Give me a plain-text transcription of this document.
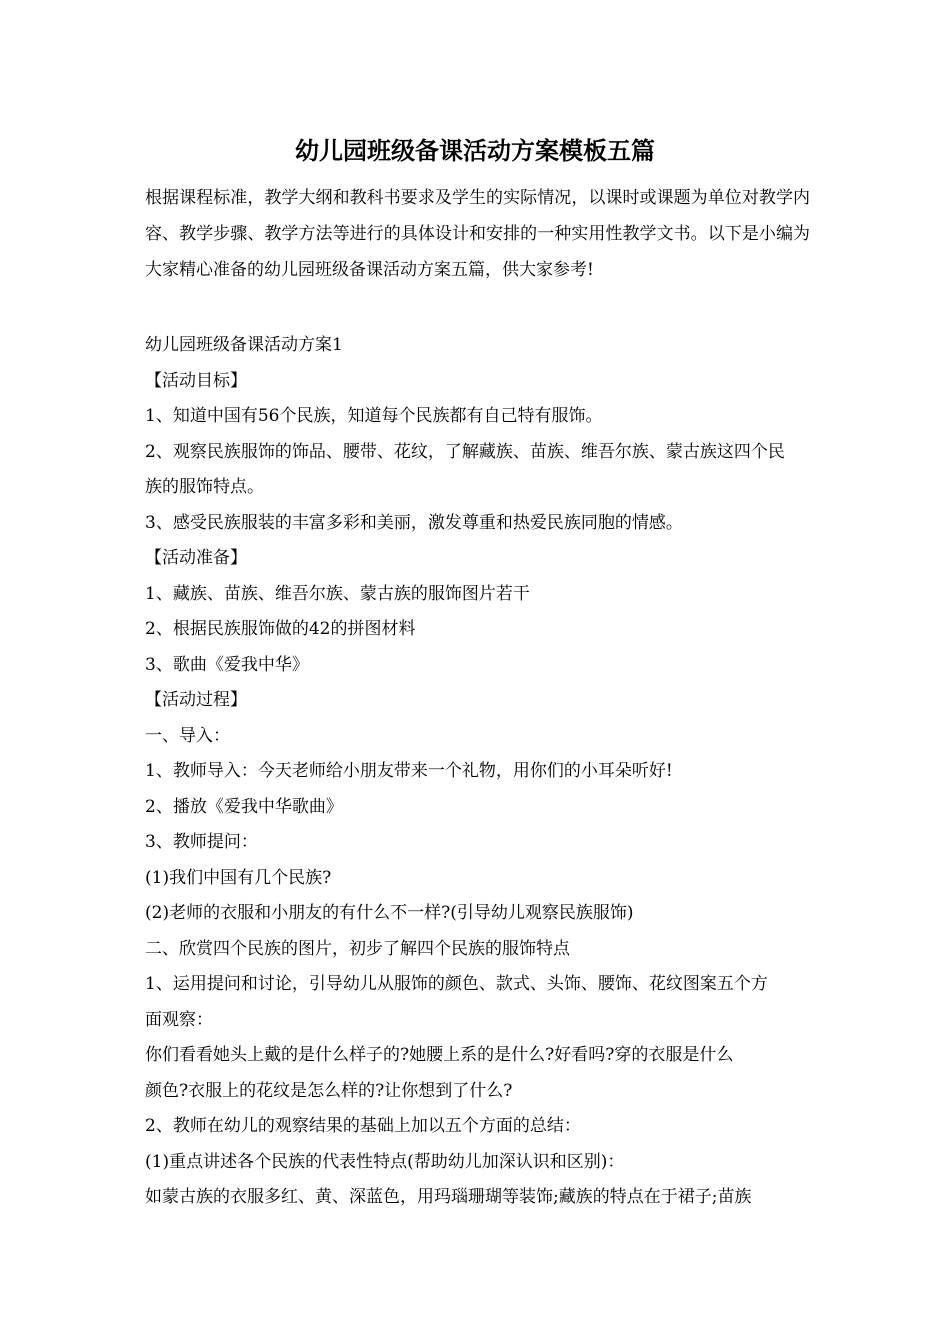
幼儿园班级备课活动方案模板五篇

根据课程标准，教学大纲和教科书要求及学生的实际情况，以课时或课题为单位对教学内容、教学步骤、教学方法等进行的具体设计和安排的一种实用性教学文书。以下是小编为大家精心准备的幼儿园班级备课活动方案五篇，供大家参考!

幼儿园班级备课活动方案1
【活动目标】
1、知道中国有56个民族，知道每个民族都有自己特有服饰。
2、观察民族服饰的饰品、腰带、花纹，了解藏族、苗族、维吾尔族、蒙古族这四个民
族的服饰特点。
3、感受民族服装的丰富多彩和美丽，激发尊重和热爱民族同胞的情感。
【活动准备】
1、藏族、苗族、维吾尔族、蒙古族的服饰图片若干
2、根据民族服饰做的42的拼图材料
3、歌曲《爱我中华》
【活动过程】
一、导入：
1、教师导入：今天老师给小朋友带来一个礼物，用你们的小耳朵听好!
2、播放《爱我中华歌曲》
3、教师提问：
(1)我们中国有几个民族?
(2)老师的衣服和小朋友的有什么不一样?(引导幼儿观察民族服饰)
二、欣赏四个民族的图片，初步了解四个民族的服饰特点
1、运用提问和讨论，引导幼儿从服饰的颜色、款式、头饰、腰饰、花纹图案五个方
面观察：
你们看看她头上戴的是什么样子的?她腰上系的是什么?好看吗?穿的衣服是什么
颜色?衣服上的花纹是怎么样的?让你想到了什么?
2、教师在幼儿的观察结果的基础上加以五个方面的总结：
(1)重点讲述各个民族的代表性特点(帮助幼儿加深认识和区别)：
如蒙古族的衣服多红、黄、深蓝色，用玛瑙珊瑚等装饰;藏族的特点在于裙子;苗族
